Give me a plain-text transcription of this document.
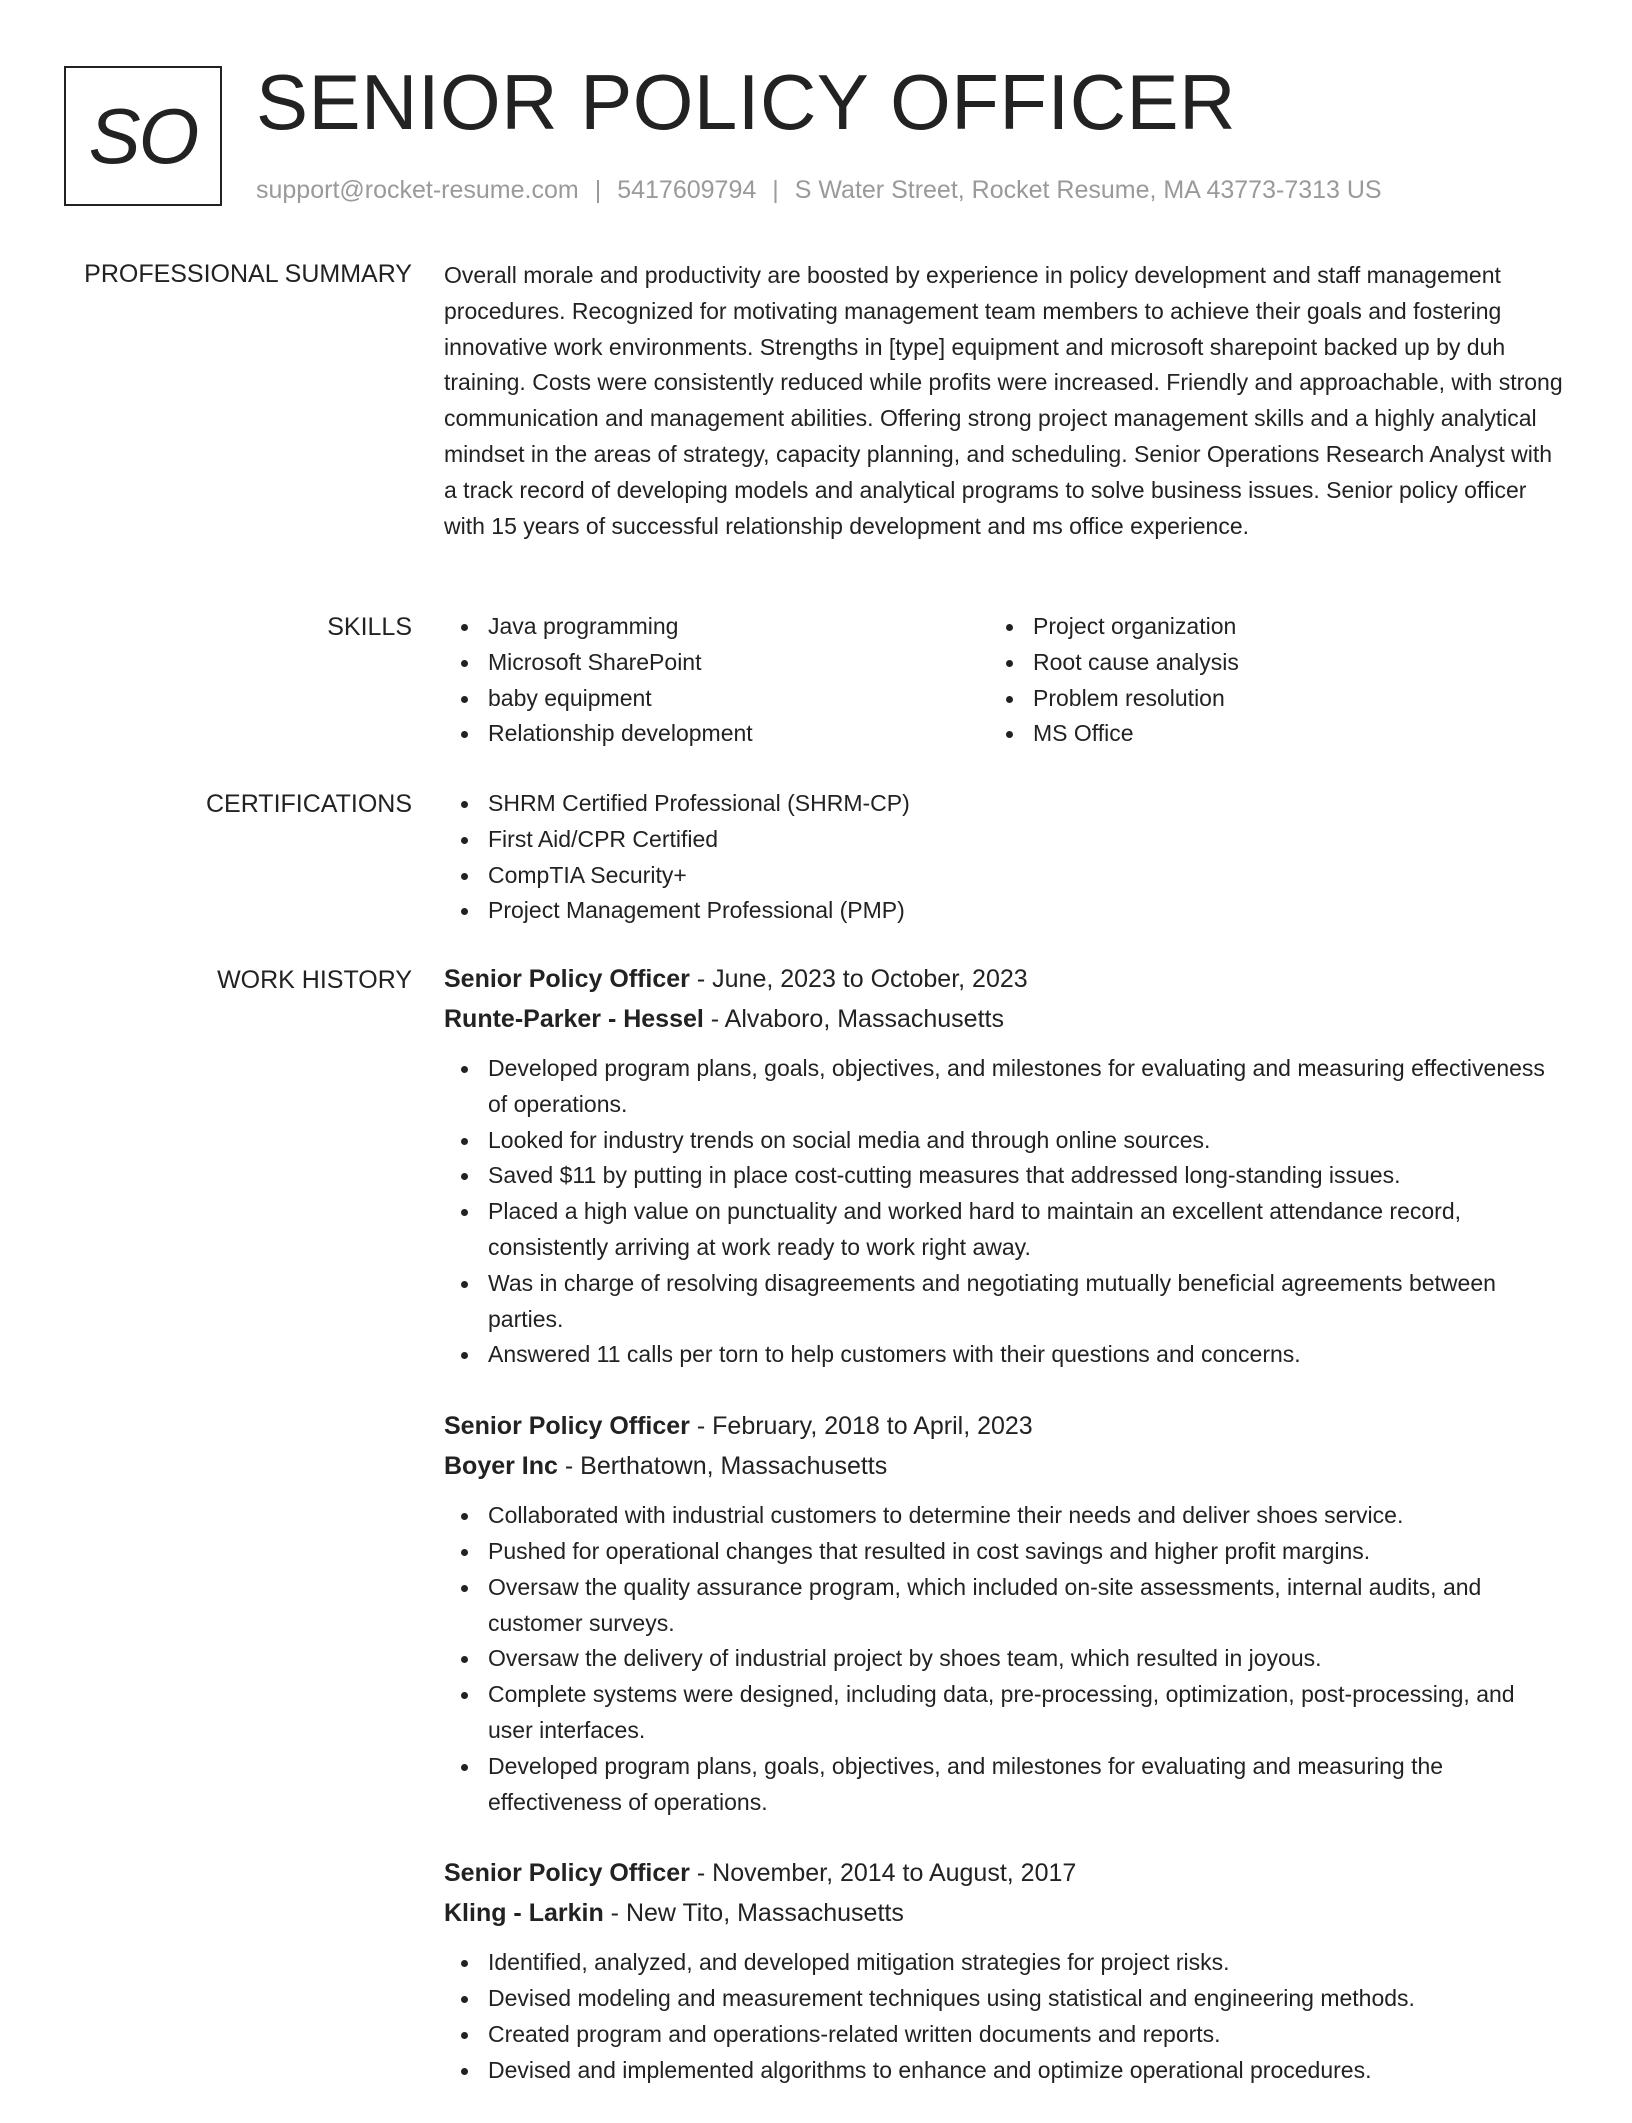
SO SENIOR POLICY OFFICER
support@rocket-resume.com | 5417609794 | S Water Street, Rocket Resume, MA 43773-7313 US
PROFESSIONAL SUMMARY Overall morale and productivity are boosted by experience in policy development and staff management procedures. Recognized for motivating management team members to achieve their goals and fostering innovative work environments. Strengths in [type] equipment and microsoft sharepoint backed up by duh training. Costs were consistently reduced while profits were increased. Friendly and approachable, with strong communication and management abilities. Offering strong project management skills and a highly analytical mindset in the areas of strategy, capacity planning, and scheduling. Senior Operations Research Analyst with a track record of developing models and analytical programs to solve business issues. Senior policy officer with 15 years of successful relationship development and ms office experience.

SKILLS	Java programming
Microsoft SharePoint
baby equipment
Relationship development
Project organization
Root cause analysis
Problem resolution
MS Office
CERTIFICATIONS	SHRM Certified Professional (SHRM-CP)
First Aid/CPR Certified
CompTIA Security+
Project Management Professional (PMP)
WORK HISTORY Senior Policy Officer - June, 2023 to October, 2023
Runte-Parker - Hessel - Alvaboro, Massachusetts
Developed program plans, goals, objectives, and milestones for evaluating and measuring effectiveness of operations.
Looked for industry trends on social media and through online sources.
Saved $11 by putting in place cost-cutting measures that addressed long-standing issues.
Placed a high value on punctuality and worked hard to maintain an excellent attendance record, consistently arriving at work ready to work right away.
Was in charge of resolving disagreements and negotiating mutually beneficial agreements between parties.
Answered 11 calls per torn to help customers with their questions and concerns.
Senior Policy Officer - February, 2018 to April, 2023
Boyer Inc - Berthatown, Massachusetts
Collaborated with industrial customers to determine their needs and deliver shoes service.
Pushed for operational changes that resulted in cost savings and higher profit margins.
Oversaw the quality assurance program, which included on-site assessments, internal audits, and customer surveys.
Oversaw the delivery of industrial project by shoes team, which resulted in joyous.
Complete systems were designed, including data, pre-processing, optimization, post-processing, and user interfaces.
Developed program plans, goals, objectives, and milestones for evaluating and measuring the effectiveness of operations.
Senior Policy Officer - November, 2014 to August, 2017
Kling - Larkin - New Tito, Massachusetts
Identified, analyzed, and developed mitigation strategies for project risks.
Devised modeling and measurement techniques using statistical and engineering methods.
Created program and operations-related written documents and reports.
Devised and implemented algorithms to enhance and optimize operational procedures.
